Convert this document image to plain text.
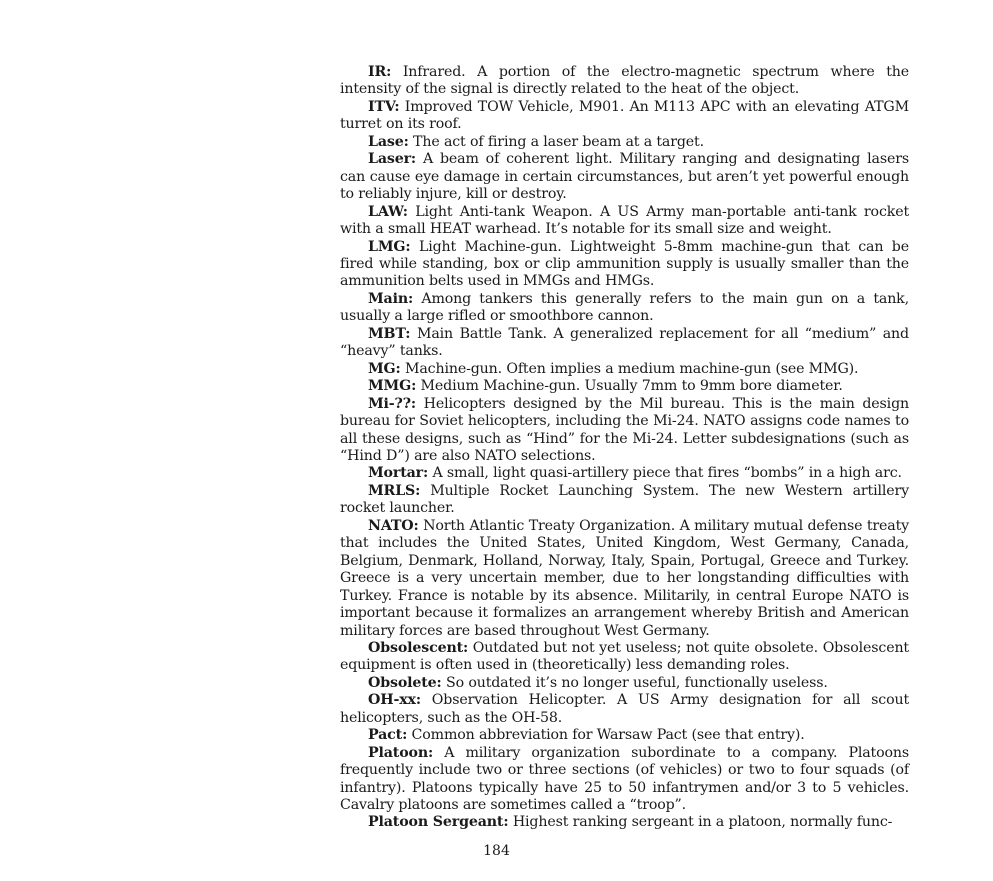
IR: Infrared. A portion of the electro-magnetic spectrum where the intensity of the signal is directly related to the heat of the object.

ITV: Improved TOW Vehicle, M901. An M113 APC with an elevating ATGM turret on its roof.

Lase: The act of firing a laser beam at a target.

Laser: A beam of coherent light. Military ranging and designating lasers can cause eye damage in certain circumstances, but aren’t yet powerful enough to reliably injure, kill or destroy.

LAW: Light Anti-tank Weapon. A US Army man-portable anti-tank rocket with a small HEAT warhead. It’s notable for its small size and weight.

LMG: Light Machine-gun. Lightweight 5-8mm machine-gun that can be fired while standing, box or clip ammunition supply is usually smaller than the ammunition belts used in MMGs and HMGs.

Main: Among tankers this generally refers to the main gun on a tank, usually a large rifled or smoothbore cannon.

MBT: Main Battle Tank. A generalized replacement for all “medium” and “heavy” tanks.

MG: Machine-gun. Often implies a medium machine-gun (see MMG).

MMG: Medium Machine-gun. Usually 7mm to 9mm bore diameter.

Mi-??: Helicopters designed by the Mil bureau. This is the main design bureau for Soviet helicopters, including the Mi-24. NATO assigns code names to all these designs, such as “Hind” for the Mi-24. Letter subdesignations (such as “Hind D”) are also NATO selections.

Mortar: A small, light quasi-artillery piece that fires “bombs” in a high arc.

MRLS: Multiple Rocket Launching System. The new Western artillery rocket launcher.

NATO: North Atlantic Treaty Organization. A military mutual defense treaty that includes the United States, United Kingdom, West Germany, Canada, Belgium, Denmark, Holland, Norway, Italy, Spain, Portugal, Greece and Turkey. Greece is a very uncertain member, due to her longstanding difficulties with Turkey. France is notable by its absence. Militarily, in central Europe NATO is important because it formalizes an arrangement whereby British and American military forces are based throughout West Germany.

Obsolescent: Outdated but not yet useless; not quite obsolete. Obsolescent equipment is often used in (theoretically) less demanding roles.

Obsolete: So outdated it’s no longer useful, functionally useless.

OH-xx: Observation Helicopter. A US Army designation for all scout helicopters, such as the OH-58.

Pact: Common abbreviation for Warsaw Pact (see that entry).

Platoon: A military organization subordinate to a company. Platoons frequently include two or three sections (of vehicles) or two to four squads (of infantry). Platoons typically have 25 to 50 infantrymen and/or 3 to 5 vehicles. Cavalry platoons are sometimes called a “troop”.

Platoon Sergeant: Highest ranking sergeant in a platoon, normally func-

184
